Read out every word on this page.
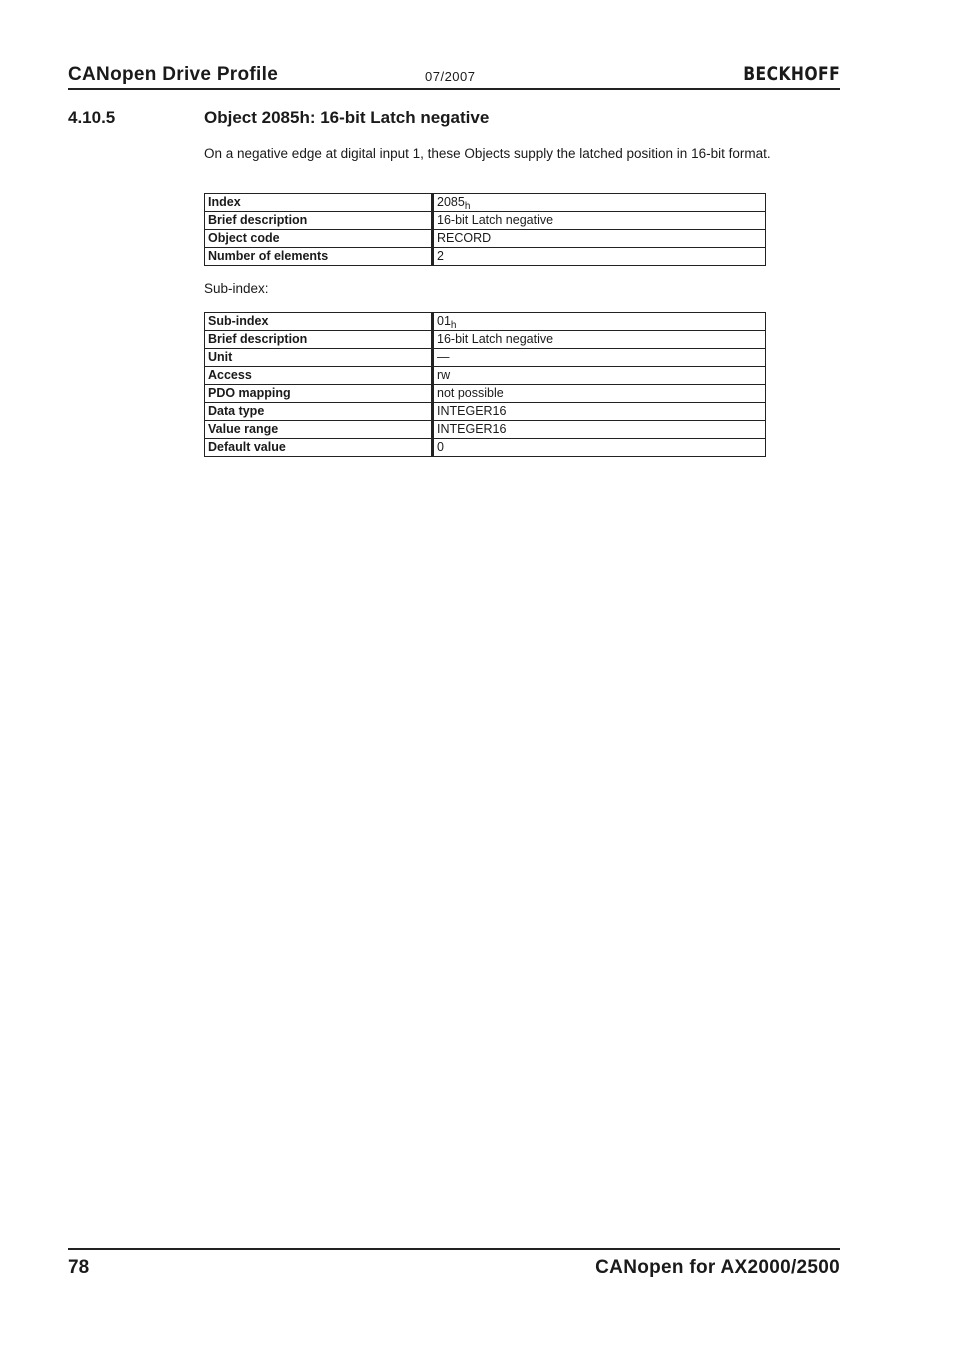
CANopen Drive Profile	07/2007	BECKHOFF
4.10.5	Object 2085h: 16-bit Latch negative
On a negative edge at digital input 1, these Objects supply the latched position in 16-bit format.
Index	$2085_h$
Brief description	16-bit Latch negative
Object code	RECORD
Number of elements	2
Sub-index:
Sub-index	$01_h$
Brief description	16-bit Latch negative
Unit	—
Access	rw
PDO mapping	not possible
Data type	INTEGER16
Value range	INTEGER16
Default value	0
78	CANopen for AX2000/2500
